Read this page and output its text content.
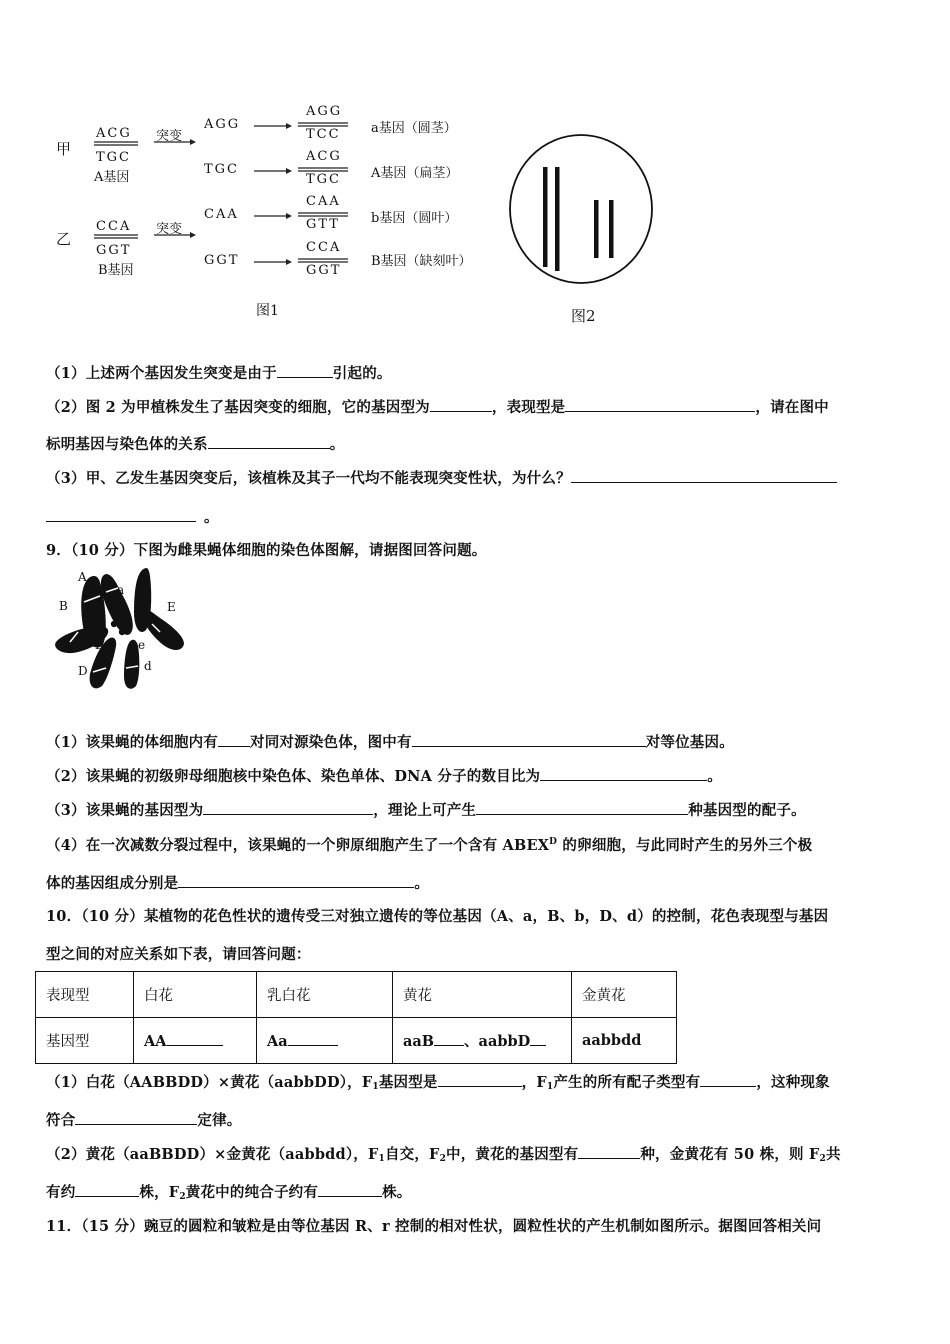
甲
乙
ACG
TGC
A基因
CCA
GGT
B基因
突变
突变
AGG
TGC
CAA
GGT
AGG
TCC
ACG
TGC
CAA
GTT
CCA
GGT
a基因（圆茎）
A基因（扁茎）
b基因（圆叶）
B基因（缺刻叶）
图1	图2
（1）上述两个基因发生突变是由于	引起的。
（2）图 2 为甲植株发生了基因突变的细胞，它的基因型为	，表现型是	，请在图中
标明基因与染色体的关系	。
（3）甲、乙发生基因突变后，该植株及其子一代均不能表现突变性状，为什么？
。
9．（10 分）下图为雌果蝇体细胞的染色体图解，请据图回答问题。
A
a
B	E
B	e
D	d
（1）该果蝇的体细胞内有 对同对源染色体，图中有	对等位基因。
（2）该果蝇的初级卵母细胞核中染色体、染色单体、DNA 分子的数目比为	。
（3）该果蝇的基因型为	，理论上可产生	种基因型的配子。
（4）在一次减数分裂过程中，该果蝇的一个卵原细胞产生了一个含有 $ABEX^D$ 的卵细胞，与此同时产生的另外三个极
体的基因组成分别是	。
10．（10 分）某植物的花色性状的遗传受三对独立遗传的等位基因（A、a，B、b，D、d）的控制，花色表现型与基因
型之间的对应关系如下表，请回答问题：
表现型	白花	乳白花	黄花	金黄花
基因型	AA	Aa	aaB 、aabbD	aabbdd
（1）白花（AABBDD）×黄花（aabbDD），$F_1$基因型是	，$F_1$产生的所有配子类型有	，这种现象
符合	定律。
（2）黄花（aaBBDD）×金黄花（aabbdd），$F_1$自交，$F_2$中，黄花的基因型有	种，金黄花有 50 株，则 $F_2$共
有约	株，$F_2$黄花中的纯合子约有	株。
11．（15 分）豌豆的圆粒和皱粒是由等位基因 R、r 控制的相对性状，圆粒性状的产生机制如图所示。据图回答相关问
